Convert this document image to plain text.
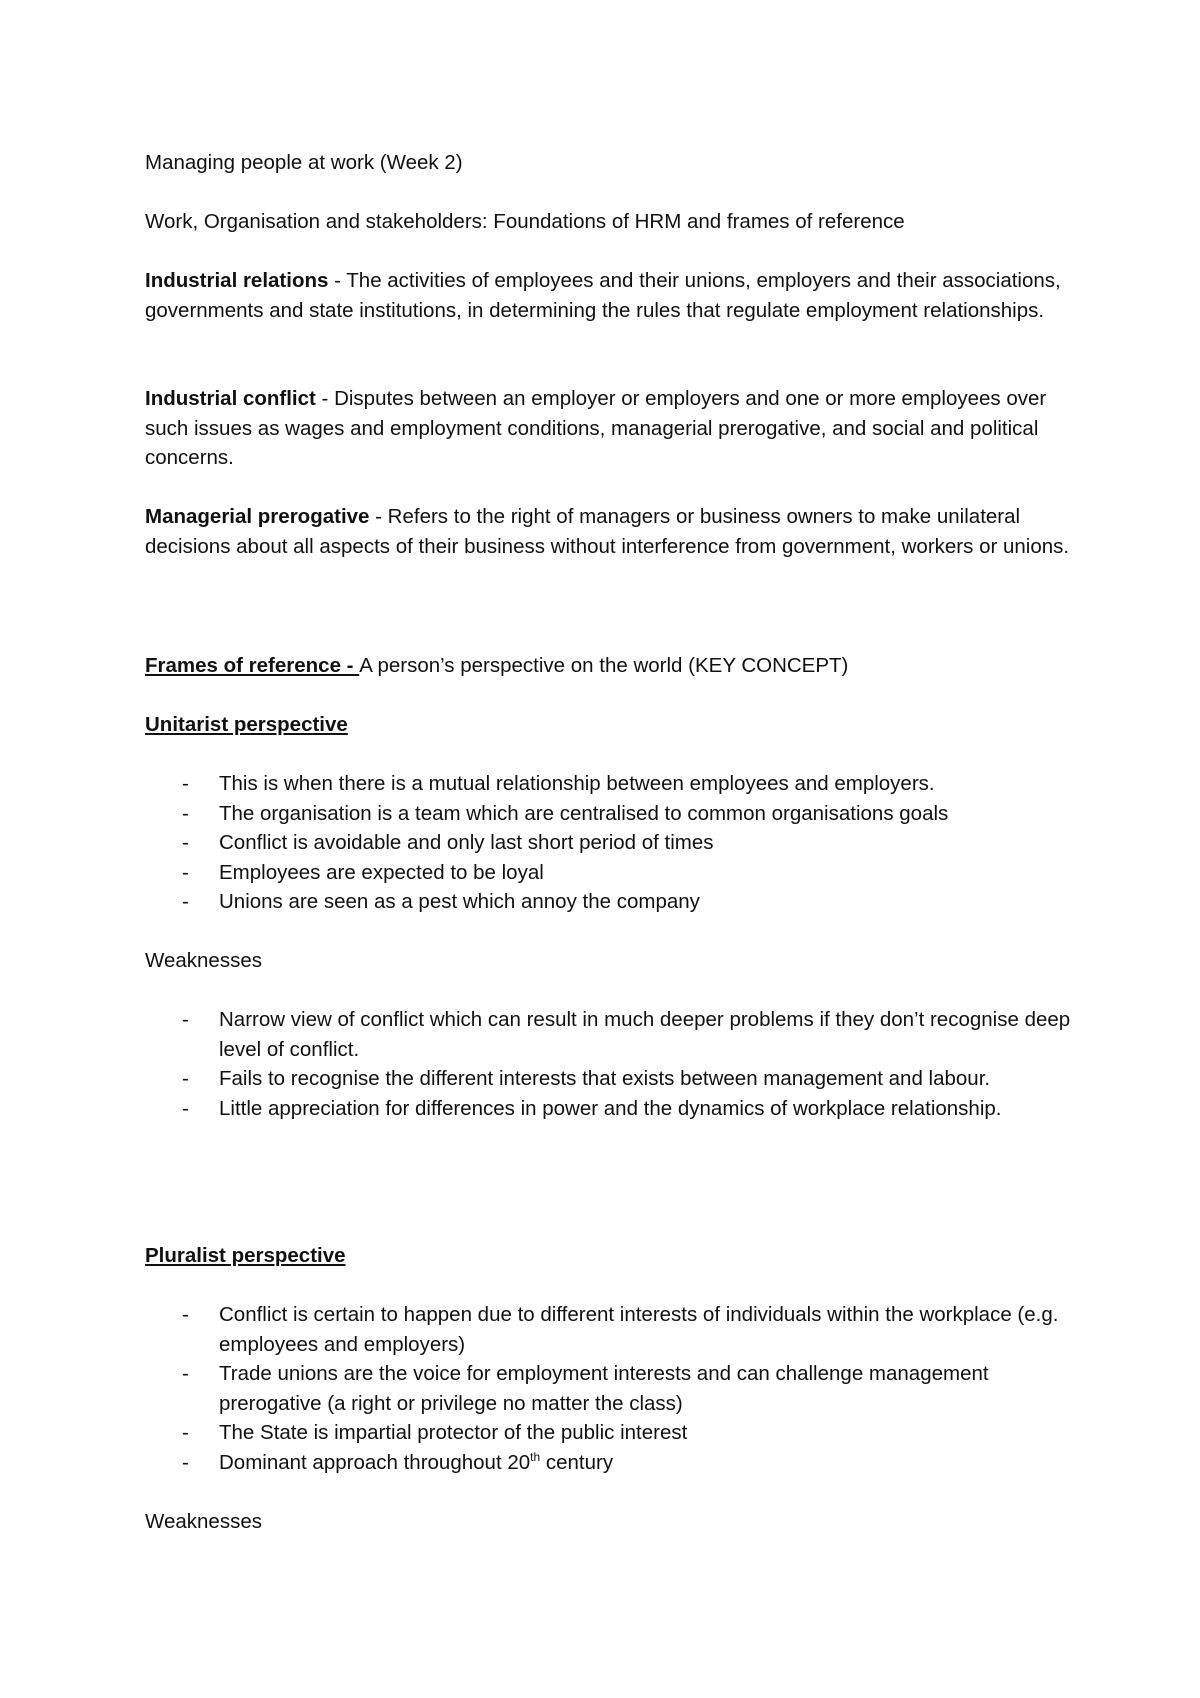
Managing people at work (Week 2)

Work, Organisation and stakeholders: Foundations of HRM and frames of reference

Industrial relations - The activities of employees and their unions, employers and their associations, governments and state institutions, in determining the rules that regulate employment relationships.

Industrial conflict - Disputes between an employer or employers and one or more employees over such issues as wages and employment conditions, managerial prerogative, and social and political concerns.

Managerial prerogative - Refers to the right of managers or business owners to make unilateral decisions about all aspects of their business without interference from government, workers or unions.

Frames of reference - A person’s perspective on the world (KEY CONCEPT)

Unitarist perspective

- This is when there is a mutual relationship between employees and employers.
- The organisation is a team which are centralised to common organisations goals
- Conflict is avoidable and only last short period of times
- Employees are expected to be loyal
- Unions are seen as a pest which annoy the company

Weaknesses

- Narrow view of conflict which can result in much deeper problems if they don’t recognise deep level of conflict.
- Fails to recognise the different interests that exists between management and labour.
- Little appreciation for differences in power and the dynamics of workplace relationship.

Pluralist perspective

- Conflict is certain to happen due to different interests of individuals within the workplace (e.g. employees and employers)
- Trade unions are the voice for employment interests and can challenge management prerogative (a right or privilege no matter the class)
- The State is impartial protector of the public interest
- Dominant approach throughout 20th century

Weaknesses
